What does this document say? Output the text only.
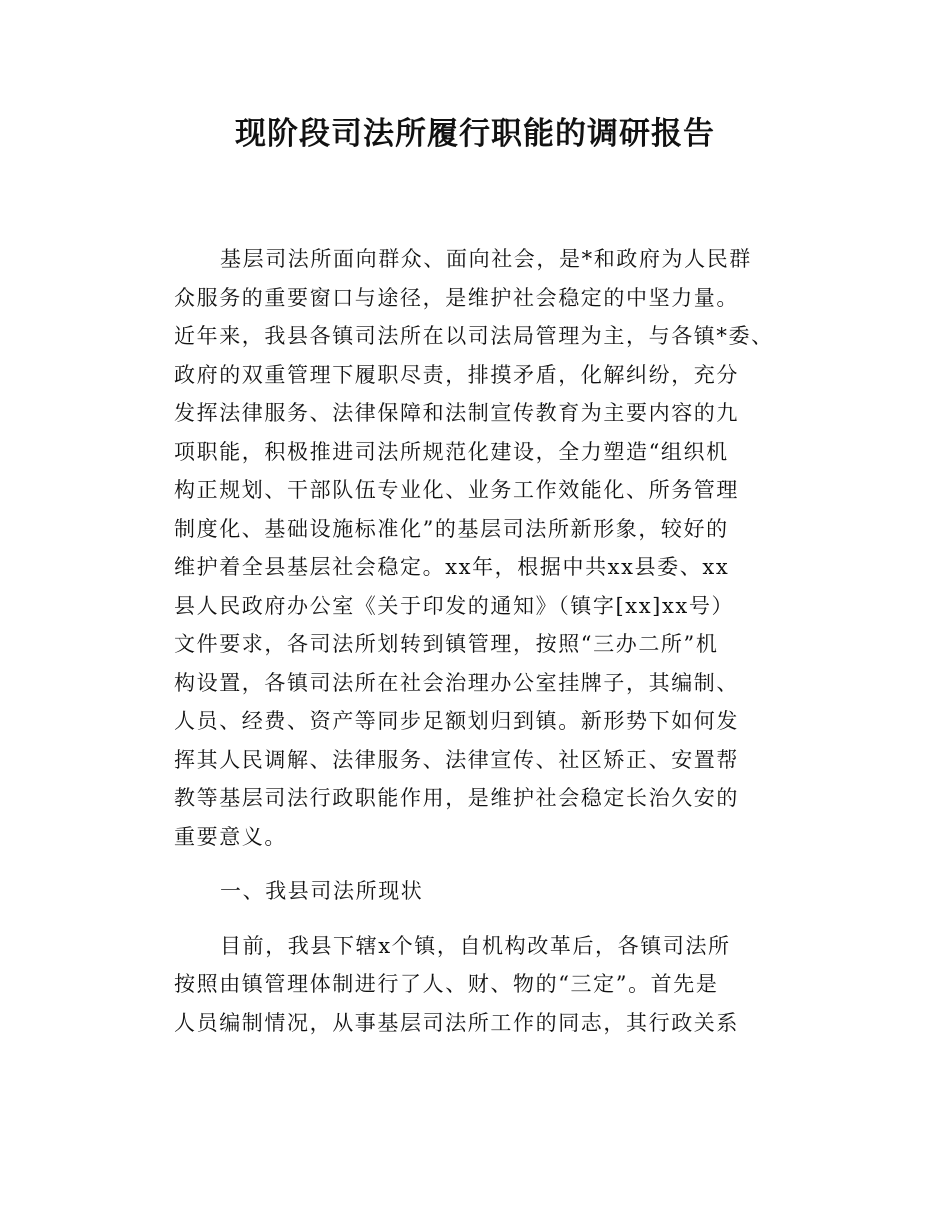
现阶段司法所履行职能的调研报告
基层司法所面向群众、面向社会，是*和政府为人民群
众服务的重要窗口与途径，是维护社会稳定的中坚力量。
近年来，我县各镇司法所在以司法局管理为主，与各镇*委、
政府的双重管理下履职尽责，排摸矛盾，化解纠纷，充分
发挥法律服务、法律保障和法制宣传教育为主要内容的九
项职能，积极推进司法所规范化建设，全力塑造“组织机
构正规划、干部队伍专业化、业务工作效能化、所务管理
制度化、基础设施标准化”的基层司法所新形象，较好的
维护着全县基层社会稳定。xx年，根据中共xx县委、xx
县人民政府办公室《关于印发的通知》（镇字[xx]xx号）
文件要求，各司法所划转到镇管理，按照“三办二所”机
构设置，各镇司法所在社会治理办公室挂牌子，其编制、
人员、经费、资产等同步足额划归到镇。新形势下如何发
挥其人民调解、法律服务、法律宣传、社区矫正、安置帮
教等基层司法行政职能作用，是维护社会稳定长治久安的
重要意义。
一、我县司法所现状
目前，我县下辖x个镇，自机构改革后，各镇司法所
按照由镇管理体制进行了人、财、物的“三定”。首先是
人员编制情况，从事基层司法所工作的同志，其行政关系
